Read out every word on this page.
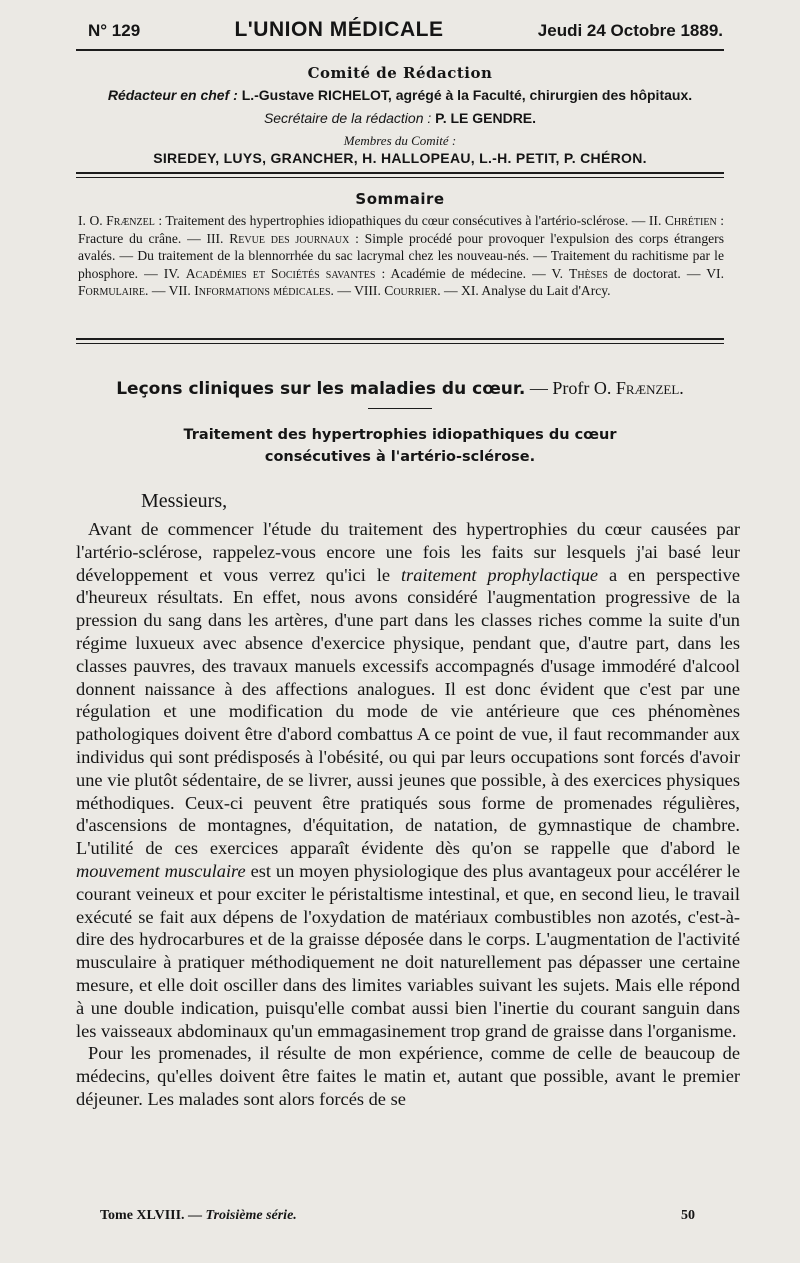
N° 129	L'UNION MÉDICALE	Jeudi 24 Octobre 1889.
Comité de Rédaction
Rédacteur en chef : L.-Gustave RICHELOT, agrégé à la Faculté, chirurgien des hôpitaux.
Secrétaire de la rédaction : P. LE GENDRE.
Membres du Comité :
SIREDEY, LUYS, GRANCHER, H. HALLOPEAU, L.-H. PETIT, P. CHÉRON.
Sommaire
I. O. Frænzel : Traitement des hypertrophies idiopathiques du cœur consécutives à l'artério-sclérose. — II. Chrétien : Fracture du crâne. — III. Revue des journaux : Simple procédé pour provoquer l'expulsion des corps étrangers avalés. — Du traitement de la blennorrhée du sac lacrymal chez les nouveau-nés. — Traitement du rachitisme par le phosphore. — IV. Académies et Sociétés savantes : Académie de médecine. — V. Thèses de doctorat. — VI. Formulaire. — VII. Informations médicales. — VIII. Courrier. — XI. Analyse du Lait d'Arcy.
Leçons cliniques sur les maladies du cœur. — Profr O. Frænzel.
Traitement des hypertrophies idiopathiques du cœur
consécutives à l'artério-sclérose.
Messieurs,

Avant de commencer l'étude du traitement des hypertrophies du cœur causées par l'artério-sclérose, rappelez-vous encore une fois les faits sur lesquels j'ai basé leur développement et vous verrez qu'ici le traitement prophylactique a en perspective d'heureux résultats. En effet, nous avons considéré l'augmentation progressive de la pression du sang dans les artères, d'une part dans les classes riches comme la suite d'un régime luxueux avec absence d'exercice physique, pendant que, d'autre part, dans les classes pauvres, des travaux manuels excessifs accompagnés d'usage immodéré d'alcool donnent naissance à des affections analogues. Il est donc évident que c'est par une régulation et une modification du mode de vie antérieure que ces phénomènes pathologiques doivent être d'abord combattus A ce point de vue, il faut recommander aux individus qui sont prédisposés à l'obésité, ou qui par leurs occupations sont forcés d'avoir une vie plutôt sédentaire, de se livrer, aussi jeunes que possible, à des exercices physiques méthodiques. Ceux-ci peuvent être pratiqués sous forme de promenades régulières, d'ascensions de montagnes, d'équitation, de natation, de gymnastique de chambre. L'utilité de ces exercices apparaît évidente dès qu'on se rappelle que d'abord le mouvement musculaire est un moyen physiologique des plus avantageux pour accélérer le courant veineux et pour exciter le péristaltisme intestinal, et que, en second lieu, le travail exécuté se fait aux dépens de l'oxydation de matériaux combustibles non azotés, c'est-à-dire des hydrocarbures et de la graisse déposée dans le corps. L'augmentation de l'activité musculaire à pratiquer méthodiquement ne doit naturellement pas dépasser une certaine mesure, et elle doit osciller dans des limites variables suivant les sujets. Mais elle répond à une double indication, puisqu'elle combat aussi bien l'inertie du courant sanguin dans les vaisseaux abdominaux qu'un emmagasinement trop grand de graisse dans l'organisme.

Pour les promenades, il résulte de mon expérience, comme de celle de beaucoup de médecins, qu'elles doivent être faites le matin et, autant que possible, avant le premier déjeuner. Les malades sont alors forcés de se

Tome XLVIII. — Troisième série.	50
